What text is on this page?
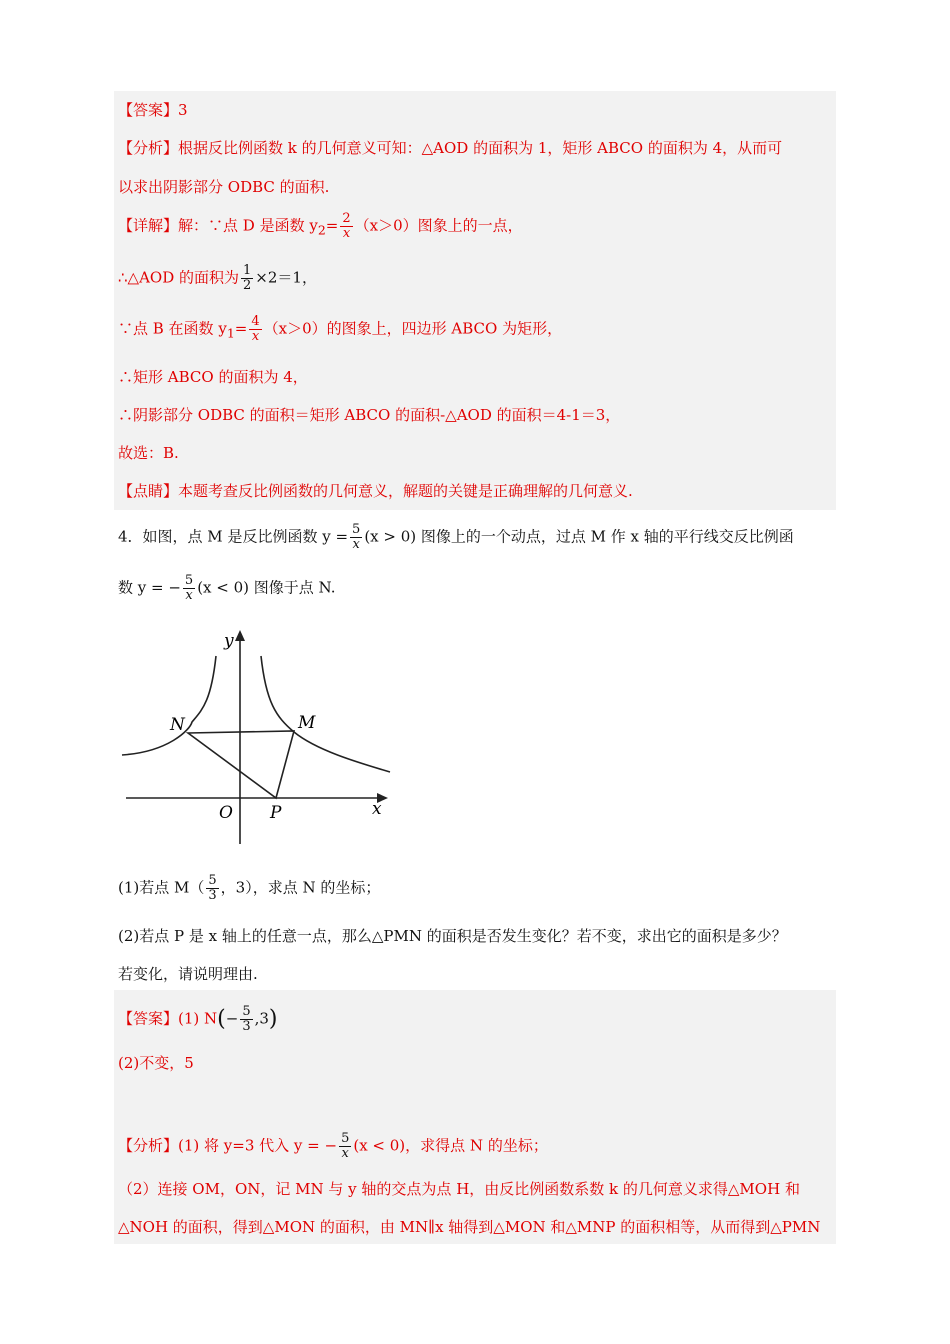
【答案】3
【分析】根据反比例函数 k 的几何意义可知：△AOD 的面积为 1，矩形 ABCO 的面积为 4，从而可
以求出阴影部分 ODBC 的面积.
【详解】解：∵点 D 是函数 $y_2= \frac{2}{x} (x>0)$图象上的一点，
∴△AOD 的面积为 $\frac{1}{2} \times 2=1$，
∵点 B 在函数 $y_1= \frac{4}{x} (x>0)$的图象上，四边形 ABCO 为矩形，
∴矩形 ABCO 的面积为 4，
∴阴影部分 ODBC 的面积＝矩形 ABCO 的面积-△AOD 的面积＝4-1＝3，
故选：B.
【点睛】本题考查反比例函数的几何意义，解题的关键是正确理解的几何意义.
4．如图，点 M 是反比例函数 $y = \frac{5}{x} (x > 0)$ 图像上的一个动点，过点 M 作 x 轴的平行线交反比例函
数 y = − $\frac{5}{x} (x < 0)$ 图像于点 N.
y
x
O P
N	M
(1)若点 $M( \frac{5}{3}$ ，3），求点 N 的坐标；
(2)若点 P 是 x 轴上的任意一点，那么△PMN 的面积是否发生变化？若不变，求出它的面积是多少？
若变化，请说明理由.
【答案】(1) $N(- \frac{5}{3} ,3)$
(2)不变，5
【分析】(1) 将 y=3 代入 y = − $\frac{5}{x} (x < 0)$，求得点 N 的坐标；
（2）连接 OM，ON，记 MN 与 y 轴的交点为点 H，由反比例函数系数 k 的几何意义求得△MOH 和
△NOH 的面积，得到△MON 的面积，由 MN∥x 轴得到△MON 和△MNP 的面积相等，从而得到△PMN
